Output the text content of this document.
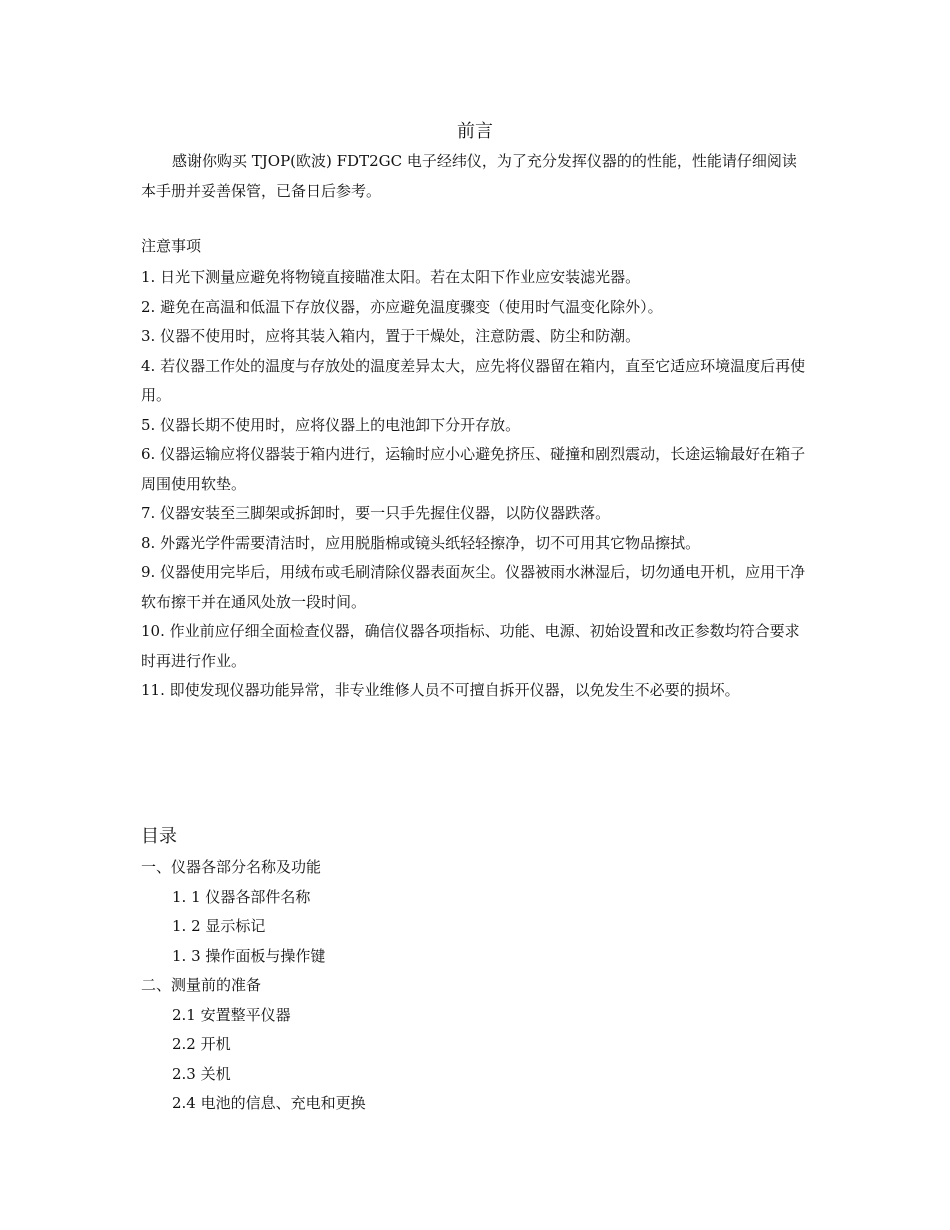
前言
感谢你购买 TJOP(欧波) FDT2GC 电子经纬仪，为了充分发挥仪器的的性能，性能请仔细阅读本手册并妥善保管，已备日后参考。
注意事项
1. 日光下测量应避免将物镜直接瞄准太阳。若在太阳下作业应安装滤光器。
2. 避免在高温和低温下存放仪器，亦应避免温度骤变（使用时气温变化除外）。
3. 仪器不使用时，应将其装入箱内，置于干燥处，注意防震、防尘和防潮。
4. 若仪器工作处的温度与存放处的温度差异太大，应先将仪器留在箱内，直至它适应环境温度后再使用。
5. 仪器长期不使用时，应将仪器上的电池卸下分开存放。
6. 仪器运输应将仪器装于箱内进行，运输时应小心避免挤压、碰撞和剧烈震动，长途运输最好在箱子周围使用软垫。
7. 仪器安装至三脚架或拆卸时，要一只手先握住仪器，以防仪器跌落。
8. 外露光学件需要清洁时，应用脱脂棉或镜头纸轻轻擦净，切不可用其它物品擦拭。
9. 仪器使用完毕后，用绒布或毛刷清除仪器表面灰尘。仪器被雨水淋湿后，切勿通电开机，应用干净软布擦干并在通风处放一段时间。
10. 作业前应仔细全面检查仪器，确信仪器各项指标、功能、电源、初始设置和改正参数均符合要求时再进行作业。
11. 即使发现仪器功能异常，非专业维修人员不可擅自拆开仪器，以免发生不必要的损坏。
目录
一、仪器各部分名称及功能
1. 1 仪器各部件名称
1. 2 显示标记
1. 3 操作面板与操作键
二、测量前的准备
2.1 安置整平仪器
2.2 开机
2.3 关机
2.4 电池的信息、充电和更换
